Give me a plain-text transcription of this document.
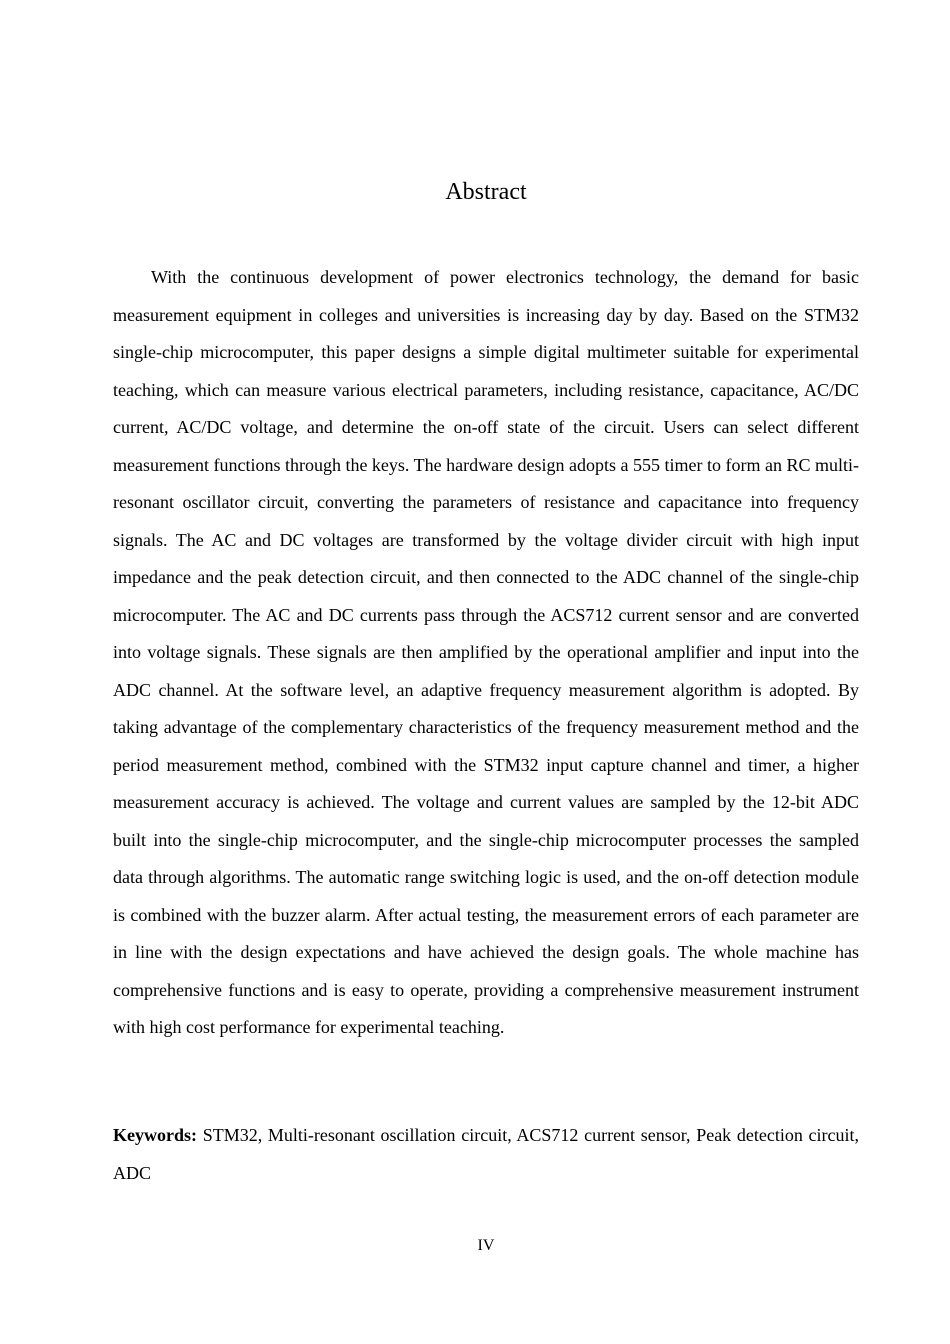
Abstract

With the continuous development of power electronics technology, the demand for basic measurement equipment in colleges and universities is increasing day by day. Based on the STM32 single-chip microcomputer, this paper designs a simple digital multimeter suitable for experimental teaching, which can measure various electrical parameters, including resistance, capacitance, AC/DC current, AC/DC voltage, and determine the on-off state of the circuit. Users can select different measurement functions through the keys. The hardware design adopts a 555 timer to form an RC multi-resonant oscillator circuit, converting the parameters of resistance and capacitance into frequency signals. The AC and DC voltages are transformed by the voltage divider circuit with high input impedance and the peak detection circuit, and then connected to the ADC channel of the single-chip microcomputer. The AC and DC currents pass through the ACS712 current sensor and are converted into voltage signals. These signals are then amplified by the operational amplifier and input into the ADC channel. At the software level, an adaptive frequency measurement algorithm is adopted. By taking advantage of the complementary characteristics of the frequency measurement method and the period measurement method, combined with the STM32 input capture channel and timer, a higher measurement accuracy is achieved. The voltage and current values are sampled by the 12-bit ADC built into the single-chip microcomputer, and the single-chip microcomputer processes the sampled data through algorithms. The automatic range switching logic is used, and the on-off detection module is combined with the buzzer alarm. After actual testing, the measurement errors of each parameter are in line with the design expectations and have achieved the design goals. The whole machine has comprehensive functions and is easy to operate, providing a comprehensive measurement instrument with high cost performance for experimental teaching.

Keywords: STM32, Multi-resonant oscillation circuit, ACS712 current sensor, Peak detection circuit, ADC

IV
